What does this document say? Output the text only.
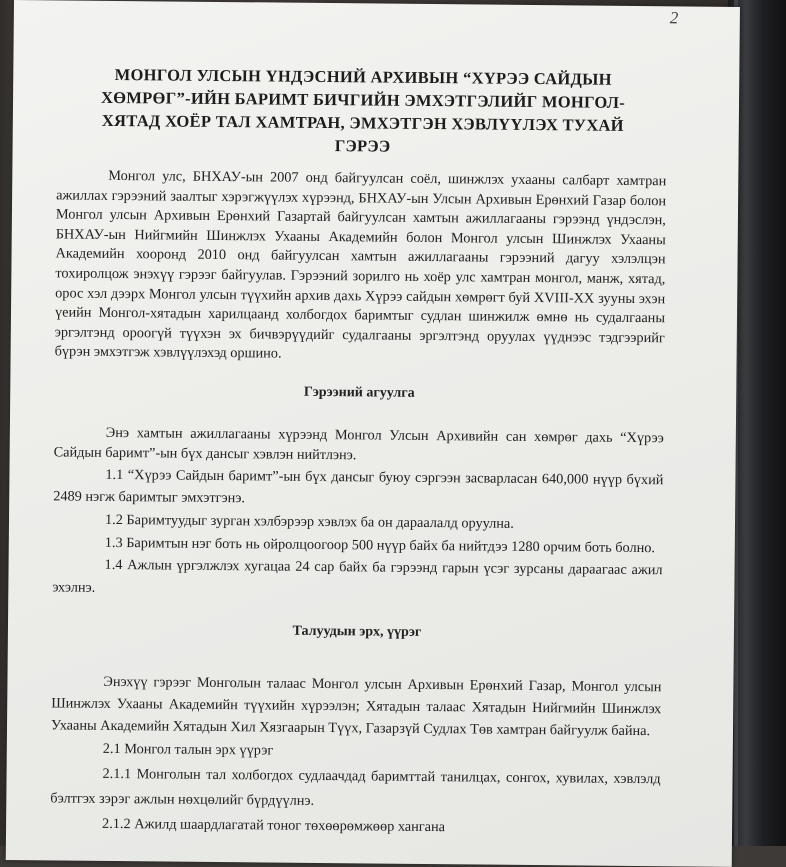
2
МОНГОЛ УЛСЫН ҮНДЭСНИЙ АРХИВЫН “ХҮРЭЭ САЙДЫН ХӨМРӨГ”-ИЙН БАРИМТ БИЧГИЙН ЭМХЭТГЭЛИЙГ МОНГОЛ-ХЯТАД ХОЁР ТАЛ ХАМТРАН, ЭМХЭТГЭН ХЭВЛҮҮЛЭХ ТУХАЙ ГЭРЭЭ

Монгол улс, БНХАУ-ын 2007 онд байгуулсан соёл, шинжлэх ухааны салбарт хамтран ажиллах гэрээний заалтыг хэрэгжүүлэх хүрээнд, БНХАУ-ын Улсын Архивын Ерөнхий Газар болон Монгол улсын Архивын Ерөнхий Газартай байгуулсан хамтын ажиллагааны гэрээнд үндэслэн, БНХАУ-ын Нийгмийн Шинжлэх Ухааны Академийн болон Монгол улсын Шинжлэх Ухааны Академийн хооронд 2010 онд байгуулсан хамтын ажиллагааны гэрээний дагуу хэлэлцэн тохиролцож энэхүү гэрээг байгуулав. Гэрээний зорилго нь хоёр улс хамтран монгол, манж, хятад, орос хэл дээрх Монгол улсын түүхийн архив дахь Хүрээ сайдын хөмрөгт буй XVIII-XX зууны эхэн үеийн Монгол-хятадын харилцаанд холбогдох баримтыг судлан шинжилж өмнө нь судалгааны эргэлтэнд ороогүй түүхэн эх бичвэрүүдийг судалгааны эргэлтэнд оруулах үүднээс тэдгээрийг бүрэн эмхэтгэж хэвлүүлэхэд оршино.

Гэрээний агуулга

Энэ хамтын ажиллагааны хүрээнд Монгол Улсын Архивийн сан хөмрөг дахь “Хүрээ Сайдын баримт”-ын бүх дансыг хэвлэн нийтлэнэ.

1.1 “Хүрээ Сайдын баримт”-ын бүх дансыг буюу сэргээн засварласан 640,000 нүүр бүхий 2489 нэгж баримтыг эмхэтгэнэ.

1.2 Баримтуудыг зурган хэлбэрээр хэвлэх ба он дараалалд оруулна.

1.3 Баримтын нэг боть нь ойролцоогоор 500 нүүр байх ба нийтдээ 1280 орчим боть болно.

1.4 Ажлын үргэлжлэх хугацаа 24 сар байх ба гэрээнд гарын үсэг зурсаны дараагаас ажил эхэлнэ.

Талуудын эрх, үүрэг

Энэхүү гэрээг Монголын талаас Монгол улсын Архивын Ерөнхий Газар, Монгол улсын Шинжлэх Ухааны Академийн түүхийн хүрээлэн; Хятадын талаас Хятадын Нийгмийн Шинжлэх Ухааны Академийн Хятадын Хил Хязгаарын Түүх, Газарзүй Судлах Төв хамтран байгуулж байна.

2.1 Монгол талын эрх үүрэг

2.1.1 Монголын тал холбогдох судлаачдад баримттай танилцах, сонгох, хувилах, хэвлэлд бэлтгэх зэрэг ажлын нөхцөлийг бүрдүүлнэ.

2.1.2 Ажилд шаардлагатай тоног төхөөрөмжөөр хангана
